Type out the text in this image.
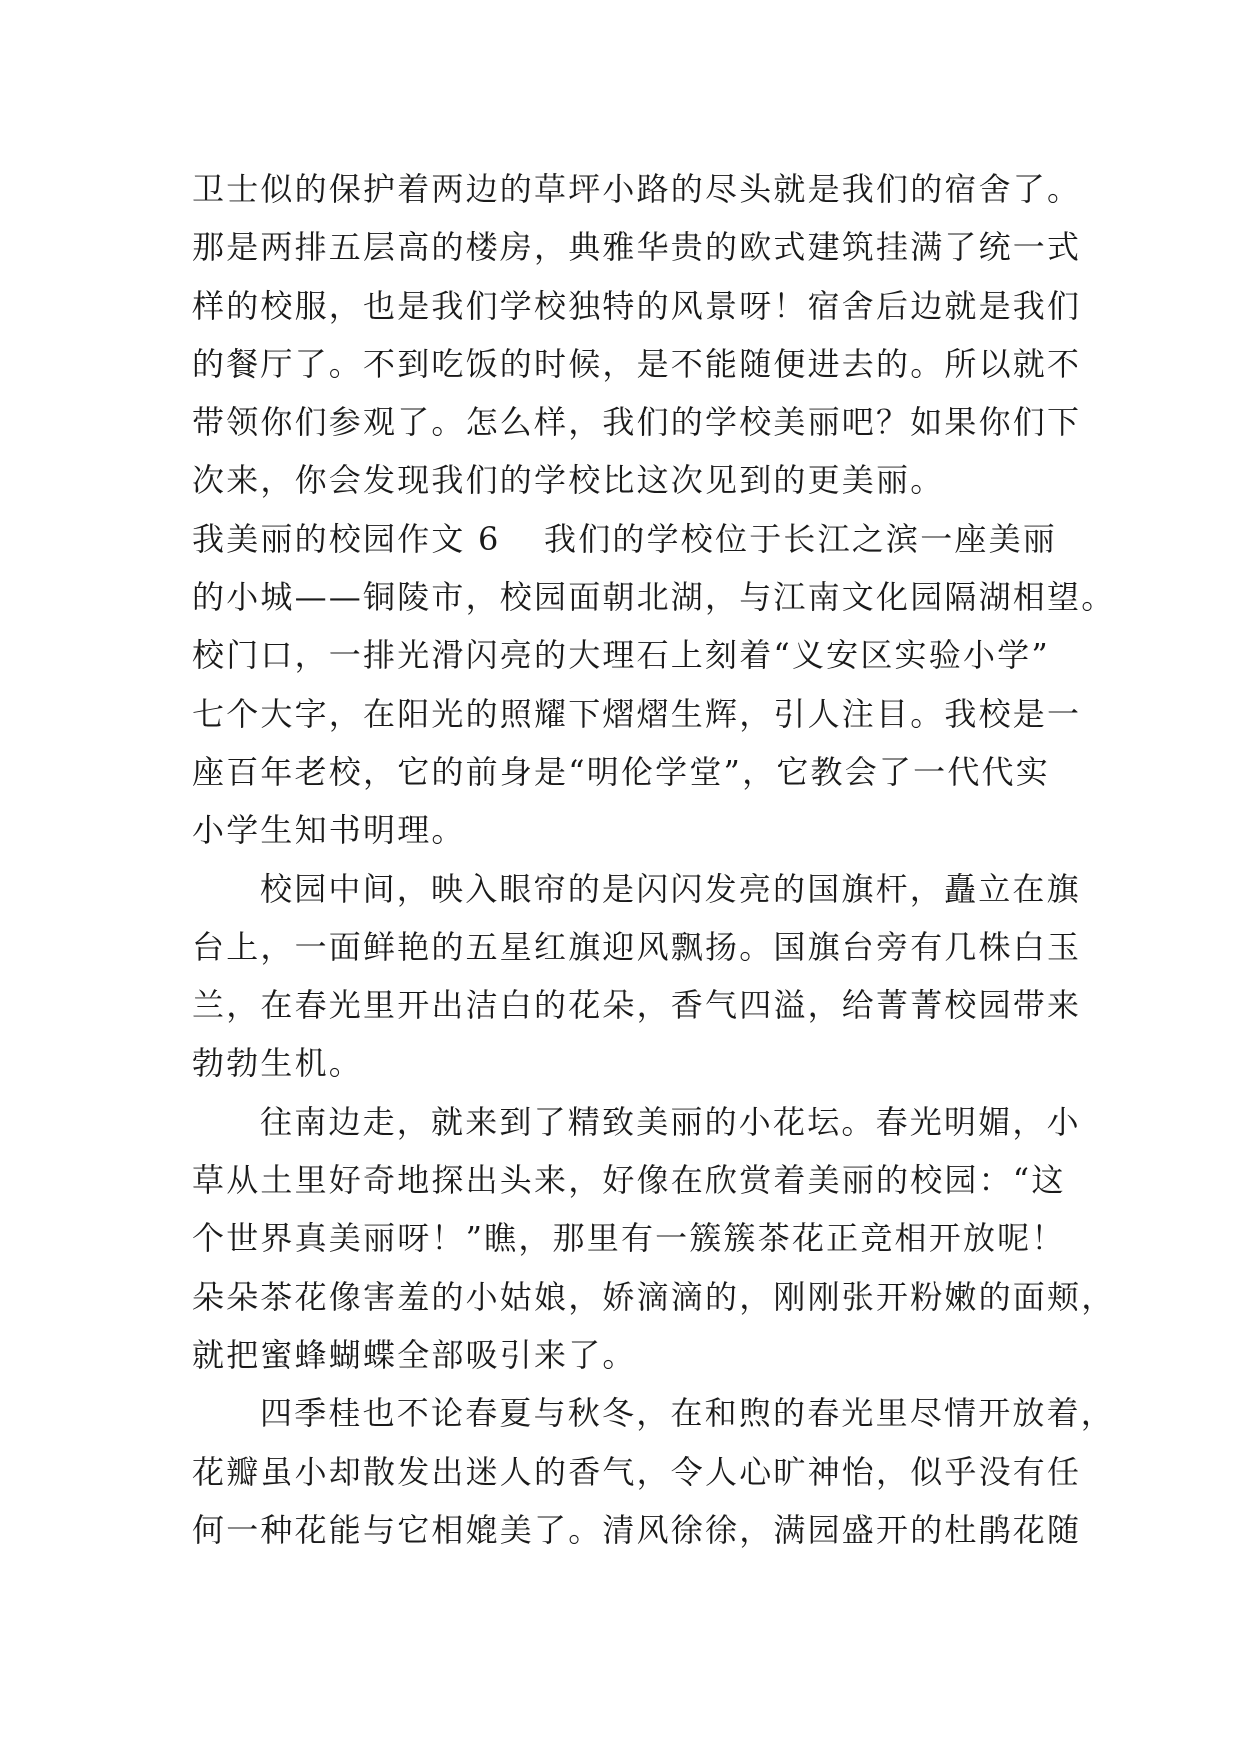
卫士似的保护着两边的草坪小路的尽头就是我们的宿舍了。
那是两排五层高的楼房，典雅华贵的欧式建筑挂满了统一式
样的校服，也是我们学校独特的风景呀！宿舍后边就是我们
的餐厅了。不到吃饭的时候，是不能随便进去的。所以就不
带领你们参观了。怎么样，我们的学校美丽吧？如果你们下
次来，你会发现我们的学校比这次见到的更美丽。
我美丽的校园作文 6 我们的学校位于长江之滨一座美丽
的小城——铜陵市，校园面朝北湖，与江南文化园隔湖相望。
校门口，一排光滑闪亮的大理石上刻着“义安区实验小学”
七个大字，在阳光的照耀下熠熠生辉，引人注目。我校是一
座百年老校，它的前身是“明伦学堂”，它教会了一代代实
小学生知书明理。
校园中间，映入眼帘的是闪闪发亮的国旗杆，矗立在旗
台上，一面鲜艳的五星红旗迎风飘扬。国旗台旁有几株白玉
兰，在春光里开出洁白的花朵，香气四溢，给菁菁校园带来
勃勃生机。
往南边走，就来到了精致美丽的小花坛。春光明媚，小
草从土里好奇地探出头来，好像在欣赏着美丽的校园：“这
个世界真美丽呀！”瞧，那里有一簇簇茶花正竞相开放呢！
朵朵茶花像害羞的小姑娘，娇滴滴的，刚刚张开粉嫩的面颊，
就把蜜蜂蝴蝶全部吸引来了。
四季桂也不论春夏与秋冬，在和煦的春光里尽情开放着，
花瓣虽小却散发出迷人的香气，令人心旷神怡，似乎没有任
何一种花能与它相媲美了。清风徐徐，满园盛开的杜鹃花随
